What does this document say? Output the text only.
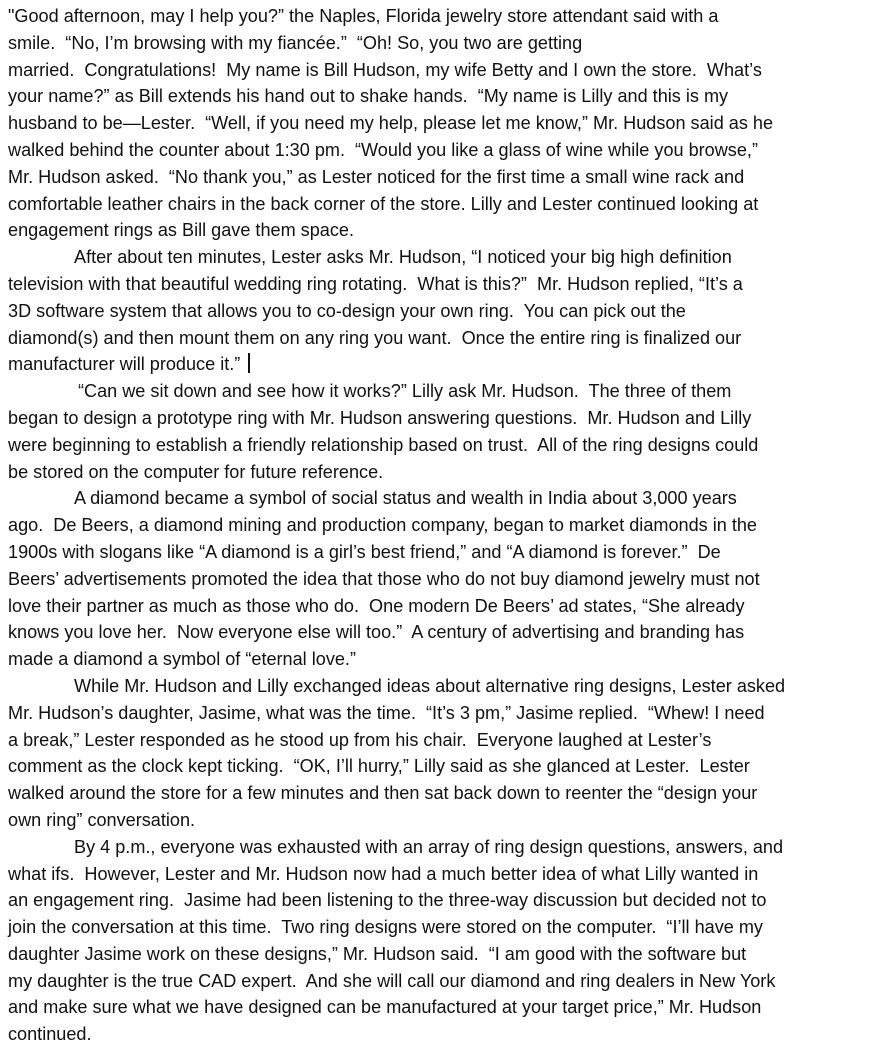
"Good afternoon, may I help you?” the Naples, Florida jewelry store attendant said with a
smile.  “No, I’m browsing with my fiancée.”  “Oh! So, you two are getting
married.  Congratulations!  My name is Bill Hudson, my wife Betty and I own the store.  What’s
your name?” as Bill extends his hand out to shake hands.  “My name is Lilly and this is my
husband to be—Lester.  “Well, if you need my help, please let me know,” Mr. Hudson said as he
walked behind the counter about 1:30 pm.  “Would you like a glass of wine while you browse,”
Mr. Hudson asked.  “No thank you,” as Lester noticed for the first time a small wine rack and
comfortable leather chairs in the back corner of the store. Lilly and Lester continued looking at
engagement rings as Bill gave them space.
After about ten minutes, Lester asks Mr. Hudson, “I noticed your big high definition
television with that beautiful wedding ring rotating.  What is this?”  Mr. Hudson replied, “It’s a
3D software system that allows you to co-design your own ring.  You can pick out the
diamond(s) and then mount them on any ring you want.  Once the entire ring is finalized our
manufacturer will produce it.”
“Can we sit down and see how it works?” Lilly ask Mr. Hudson.  The three of them
began to design a prototype ring with Mr. Hudson answering questions.  Mr. Hudson and Lilly
were beginning to establish a friendly relationship based on trust.  All of the ring designs could
be stored on the computer for future reference.
A diamond became a symbol of social status and wealth in India about 3,000 years
ago.  De Beers, a diamond mining and production company, began to market diamonds in the
1900s with slogans like “A diamond is a girl’s best friend,” and “A diamond is forever.”  De
Beers’ advertisements promoted the idea that those who do not buy diamond jewelry must not
love their partner as much as those who do.  One modern De Beers’ ad states, “She already
knows you love her.  Now everyone else will too.”  A century of advertising and branding has
made a diamond a symbol of “eternal love.”
While Mr. Hudson and Lilly exchanged ideas about alternative ring designs, Lester asked
Mr. Hudson’s daughter, Jasime, what was the time.  “It’s 3 pm,” Jasime replied.  “Whew! I need
a break,” Lester responded as he stood up from his chair.  Everyone laughed at Lester’s
comment as the clock kept ticking.  “OK, I’ll hurry,” Lilly said as she glanced at Lester.  Lester
walked around the store for a few minutes and then sat back down to reenter the “design your
own ring” conversation.
By 4 p.m., everyone was exhausted with an array of ring design questions, answers, and
what ifs.  However, Lester and Mr. Hudson now had a much better idea of what Lilly wanted in
an engagement ring.  Jasime had been listening to the three-way discussion but decided not to
join the conversation at this time.  Two ring designs were stored on the computer.  “I’ll have my
daughter Jasime work on these designs,” Mr. Hudson said.  “I am good with the software but
my daughter is the true CAD expert.  And she will call our diamond and ring dealers in New York
and make sure what we have designed can be manufactured at your target price,” Mr. Hudson
continued.
